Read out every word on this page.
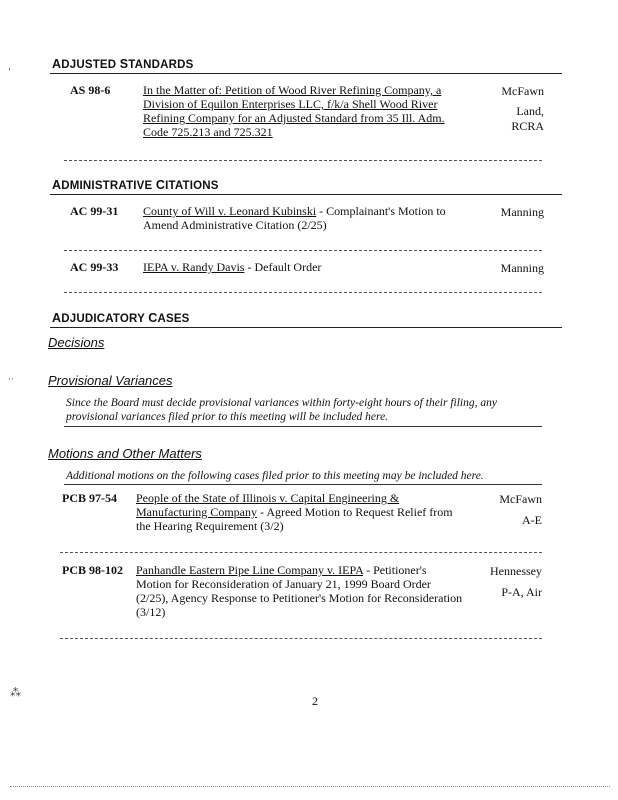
‘
··
⁂
ADJUSTED STANDARDS
AS 98-6	In the Matter of: Petition of Wood River Refining Company, a Division of Equilon Enterprises LLC, f/k/a Shell Wood River Refining Company for an Adjusted Standard from 35 Ill. Adm. Code 725.213 and 725.321
McFawn
Land, RCRA
ADMINISTRATIVE CITATIONS
AC 99-31 County of Will v. Leonard Kubinski - Complainant's Motion to Amend Administrative Citation (2/25)
Manning
AC 99-33 IEPA v. Randy Davis - Default Order	Manning
ADJUDICATORY CASES
Decisions
Provisional Variances
Since the Board must decide provisional variances within forty-eight hours of their filing, any provisional variances filed prior to this meeting will be included here.
Motions and Other Matters
Additional motions on the following cases filed prior to this meeting may be included here.
PCB 97-54 People of the State of Illinois v. Capital Engineering & Manufacturing Company - Agreed Motion to Request Relief from the Hearing Requirement (3/2)
McFawn
A-E
PCB 98-102 Panhandle Eastern Pipe Line Company v. IEPA - Petitioner's Motion for Reconsideration of January 21, 1999 Board Order (2/25), Agency Response to Petitioner's Motion for Reconsideration (3/12)
Hennessey
P-A, Air
2
